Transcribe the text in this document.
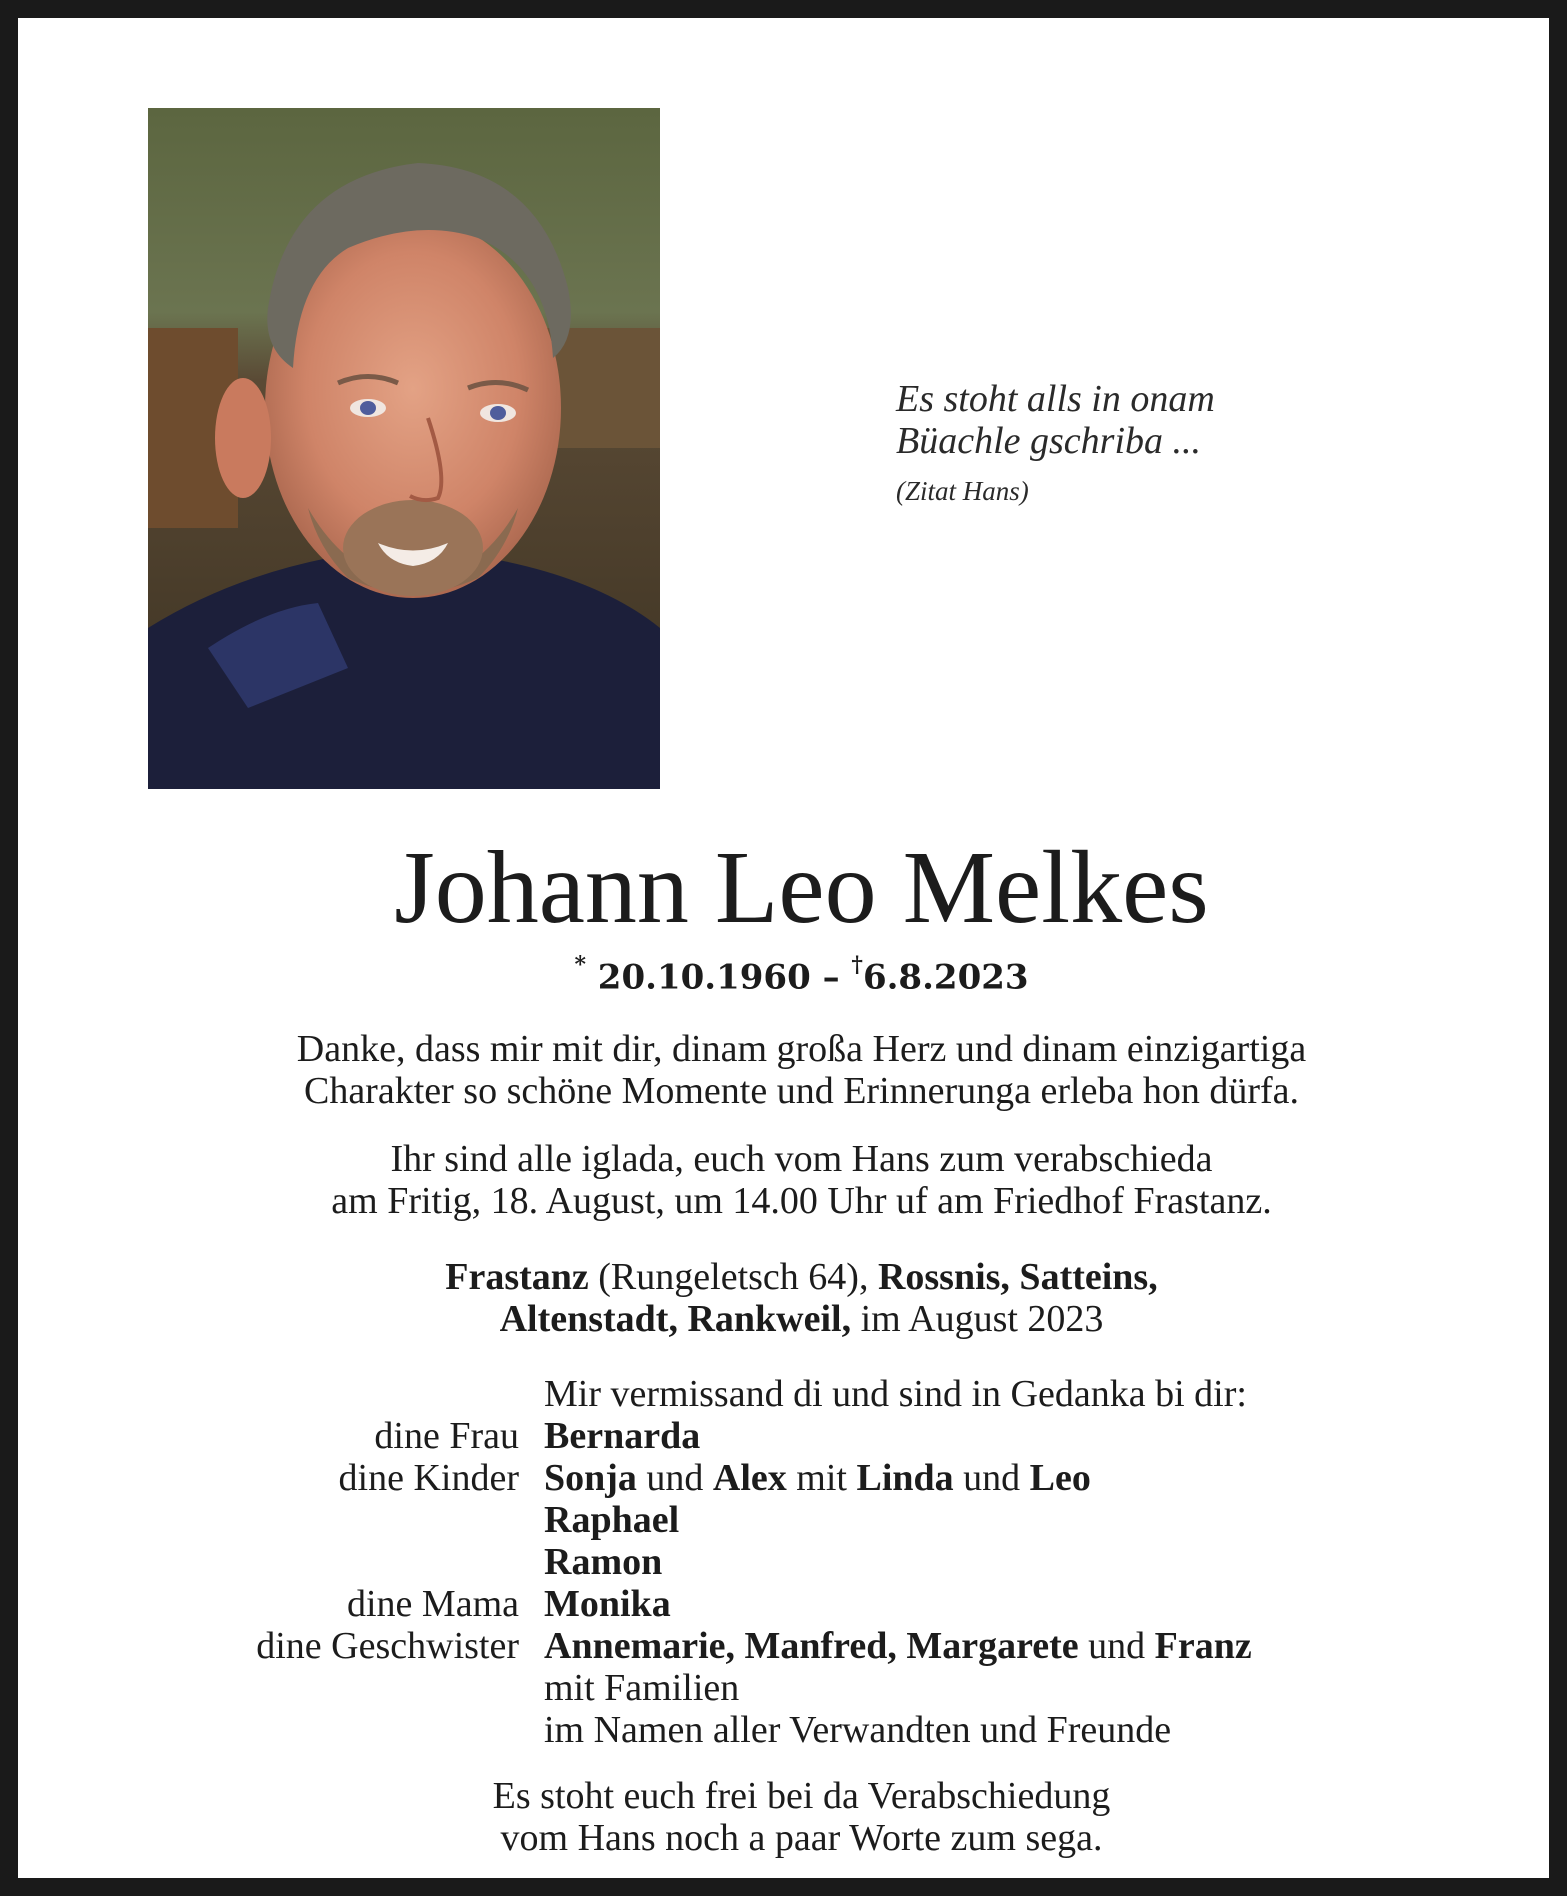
Es stoht alls in onam
Büachle gschriba ...
(Zitat Hans)
Johann Leo Melkes
* 20.10.1960 – †6.8.2023
Danke, dass mir mit dir, dinam großa Herz und dinam einzigartiga
Charakter so schöne Momente und Erinnerunga erleba hon dürfa.
Ihr sind alle iglada, euch vom Hans zum verabschieda
am Fritig, 18. August, um 14.00 Uhr uf am Friedhof Frastanz.
Frastanz (Rungeletsch 64), Rossnis, Satteins,
Altenstadt, Rankweil, im August 2023
Mir vermissand di und sind in Gedanka bi dir:
dine Frau Bernarda
dine Kinder Sonja und Alex mit Linda und Leo
Raphael
Ramon
dine Mama Monika
dine Geschwister Annemarie, Manfred, Margarete und Franz
mit Familien
im Namen aller Verwandten und Freunde
Es stoht euch frei bei da Verabschiedung
vom Hans noch a paar Worte zum sega.
